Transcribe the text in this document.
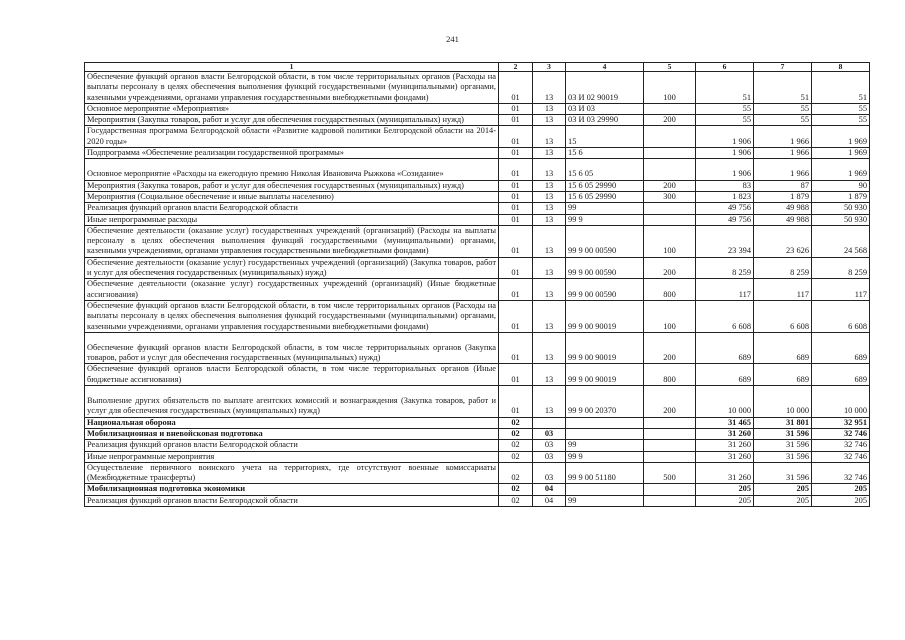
241
1	2	3	4	5	6	7	8
Обеспечение функций органов власти Белгородской области, в том числе территориальных органов (Расходы на выплаты персоналу в целях обеспечения выполнения функций государственными (муниципальными) органами, казенными учреждениями, органами управления государственными внебюджетными фондами)	01	13	03 И 02 90019	100	51	51	51
Основное мероприятие «Мероприятия»	01	13	03 И 03		55	55	55
Мероприятия (Закупка товаров, работ и услуг для обеспечения государственных (муниципальных) нужд)	01	13	03 И 03 29990	200	55	55	55
Государственная программа Белгородской области «Развитие кадровой политики Белгородской области на 2014-2020 годы»	01	13	15		1 906	1 966	1 969
Подпрограмма «Обеспечение реализации государственной программы»	01	13	15 6		1 906	1 966	1 969
Основное мероприятие «Расходы на ежегодную премию Николая Ивановича Рыжкова «Созидание»	01	13	15 6 05		1 906	1 966	1 969
Мероприятия (Закупка товаров, работ и услуг для обеспечения государственных (муниципальных) нужд)	01	13	15 6 05 29990	200	83	87	90
Мероприятия (Социальное обеспечение и иные выплаты населению)	01	13	15 6 05 29990	300	1 823	1 879	1 879
Реализация функций органов власти Белгородской области	01	13	99		49 756	49 988	50 930
Иные непрограммные расходы	01	13	99 9		49 756	49 988	50 930
Обеспечение деятельности (оказание услуг) государственных учреждений (организаций) (Расходы на выплаты персоналу в целях обеспечения выполнения функций государственными (муниципальными) органами, казенными учреждениями, органами управления государственными внебюджетными фондами)	01	13	99 9 00 00590	100	23 394	23 626	24 568
Обеспечение деятельности (оказание услуг) государственных учреждений (организаций) (Закупка товаров, работ и услуг для обеспечения государственных (муниципальных) нужд)	01	13	99 9 00 00590	200	8 259	8 259	8 259
Обеспечение деятельности (оказание услуг) государственных учреждений (организаций) (Иные бюджетные ассигнования)	01	13	99 9 00 00590	800	117	117	117
Обеспечение функций органов власти Белгородской области, в том числе территориальных органов (Расходы на выплаты персоналу в целях обеспечения выполнения функций государственными (муниципальными) органами, казенными учреждениями, органами управления государственными внебюджетными фондами)	01	13	99 9 00 90019	100	6 608	6 608	6 608
Обеспечение функций органов власти Белгородской области, в том числе территориальных органов (Закупка товаров, работ и услуг для обеспечения государственных (муниципальных) нужд)	01	13	99 9 00 90019	200	689	689	689
Обеспечение функций органов власти Белгородской области, в том числе территориальных органов (Иные бюджетные ассигнования)	01	13	99 9 00 90019	800	689	689	689
Выполнение других обязательств по выплате агентских комиссий и вознаграждения (Закупка товаров, работ и услуг для обеспечения государственных (муниципальных) нужд)	01	13	99 9 00 20370	200	10 000	10 000	10 000
Национальная оборона	02				31 465	31 801	32 951
Мобилизационная и вневойсковая подготовка	02	03			31 260	31 596	32 746
Реализация функций органов власти Белгородской области	02	03	99		31 260	31 596	32 746
Иные непрограммные мероприятия	02	03	99 9		31 260	31 596	32 746
Осуществление первичного воинского учета на территориях, где отсутствуют военные комиссариаты (Межбюджетные трансферты)	02	03	99 9 00 51180	500	31 260	31 596	32 746
Мобилизационная подготовка экономики	02	04			205	205	205
Реализация функций органов власти Белгородской области	02	04	99		205	205	205
